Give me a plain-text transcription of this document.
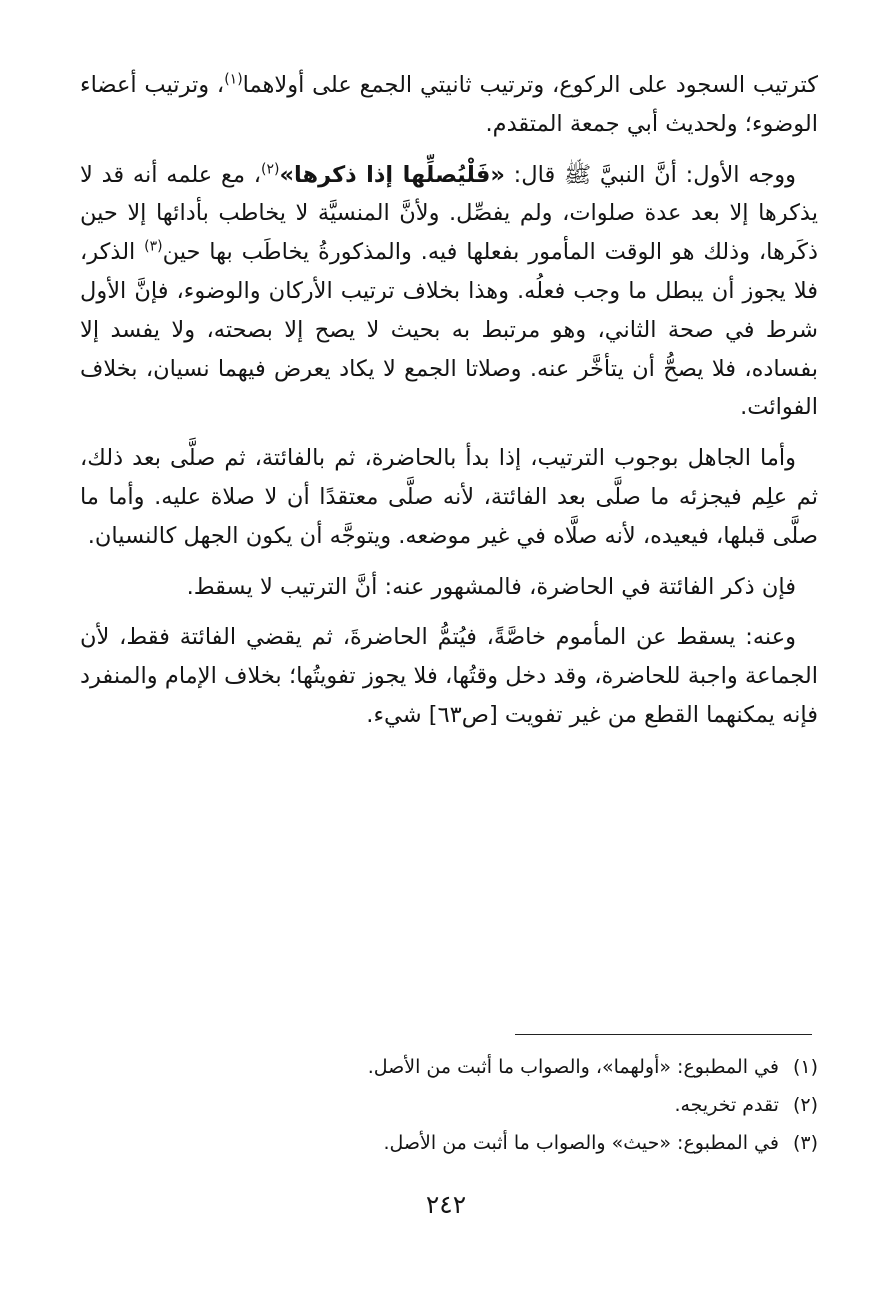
كترتيب السجود على الركوع، وترتيب ثانيتي الجمع على أولاهما$^{(١)}$، وترتيب أعضاء الوضوء؛ ولحديث أبي جمعة المتقدم.

ووجه الأول: أنَّ النبيَّ ﷺ قال: «فَلْيُصلِّها إذا ذكرها»$^{(٢)}$، مع علمه أنه قد لا يذكرها إلا بعد عدة صلوات، ولم يفصِّل. ولأنَّ المنسيَّة لا يخاطب بأدائها إلا حين ذكَرها، وذلك هو الوقت المأمور بفعلها فيه. والمذكورةُ يخاطَب بها حين$^{(٣)}$ الذكر، فلا يجوز أن يبطل ما وجب فعلُه. وهذا بخلاف ترتيب الأركان والوضوء، فإنَّ الأول شرط في صحة الثاني، وهو مرتبط به بحيث لا يصح إلا بصحته، ولا يفسد إلا بفساده، فلا يصحُّ أن يتأخَّر عنه. وصلاتا الجمع لا يكاد يعرض فيهما نسيان، بخلاف الفوائت.

وأما الجاهل بوجوب الترتيب، إذا بدأ بالحاضرة، ثم بالفائتة، ثم صلَّى بعد ذلك، ثم علِم فيجزئه ما صلَّى بعد الفائتة، لأنه صلَّى معتقدًا أن لا صلاة عليه. وأما ما صلَّى قبلها، فيعيده، لأنه صلَّاه في غير موضعه. ويتوجَّه أن يكون الجهل كالنسيان.

فإن ذكر الفائتة في الحاضرة، فالمشهور عنه: أنَّ الترتيب لا يسقط.

وعنه: يسقط عن المأموم خاصَّةً، فيُتمُّ الحاضرةَ، ثم يقضي الفائتة فقط، لأن الجماعة واجبة للحاضرة، وقد دخل وقتُها، فلا يجوز تفويتُها؛ بخلاف الإمام والمنفرد فإنه يمكنهما القطع من غير تفويت [ص٦٣] شيء.

(١)في المطبوع: «أولهما»، والصواب ما أثبت من الأصل.
(٢)تقدم تخريجه.
(٣)في المطبوع: «حيث» والصواب ما أثبت من الأصل.
٢٤٢
